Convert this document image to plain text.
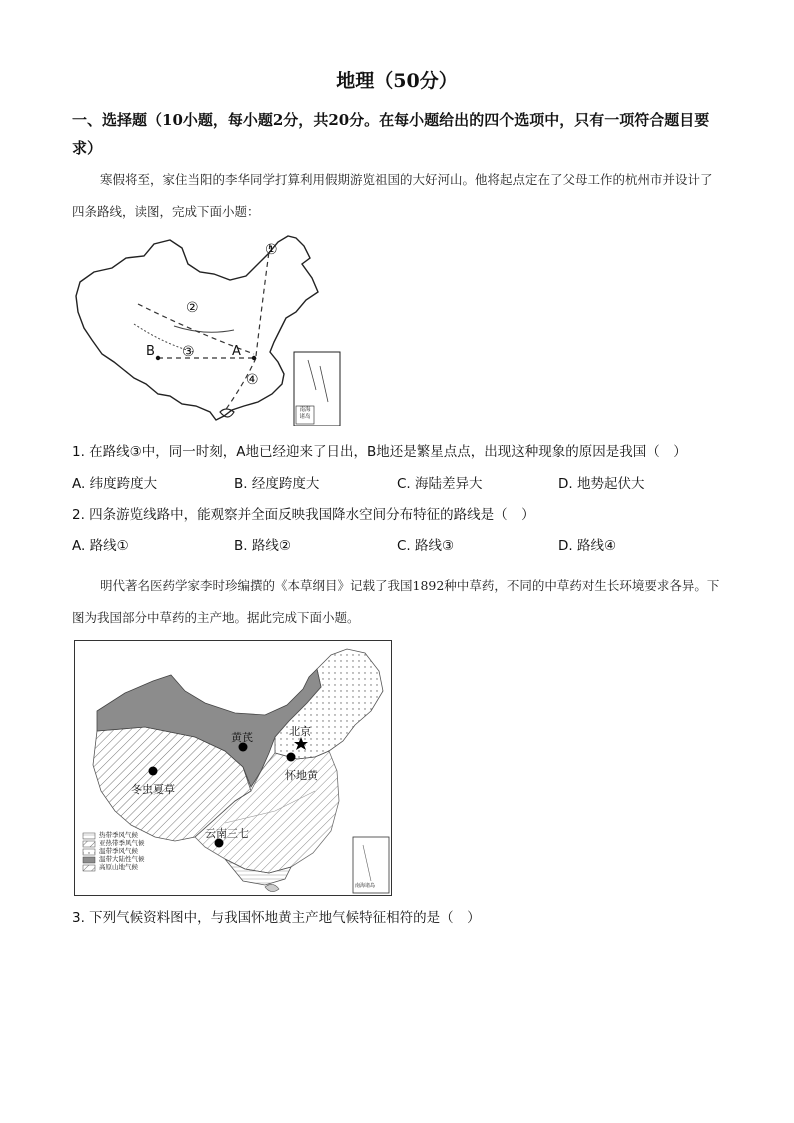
地理（50分）
一、选择题（10小题，每小题2分，共20分。在每小题给出的四个选项中，只有一项符合题目要求）
寒假将至，家住当阳的李华同学打算利用假期游览祖国的大好河山。他将起点定在了父母工作的杭州市并设计了四条路线，读图，完成下面小题：
①
②
③
④
A
B
南海诸岛
1. 在路线③中，同一时刻，A地已经迎来了日出，B地还是繁星点点，出现这种现象的原因是我国（　）
A. 纬度跨度大	B. 经度跨度大	C. 海陆差异大	D. 地势起伏大
2. 四条游览线路中，能观察并全面反映我国降水空间分布特征的路线是（　）
A. 路线①	B. 路线②	C. 路线③	D. 路线④
明代著名医药学家李时珍编撰的《本草纲目》记载了我国1892种中草药，不同的中草药对生长环境要求各异。下图为我国部分中草药的主产地。据此完成下面小题。
黄芪	北京
冬虫夏草
怀地黄
云南三七
热带季风气候
亚热带季风气候
温带季风气候
温带大陆性气候
高原山地气候
南海诸岛
3. 下列气候资料图中，与我国怀地黄主产地气候特征相符的是（　）
